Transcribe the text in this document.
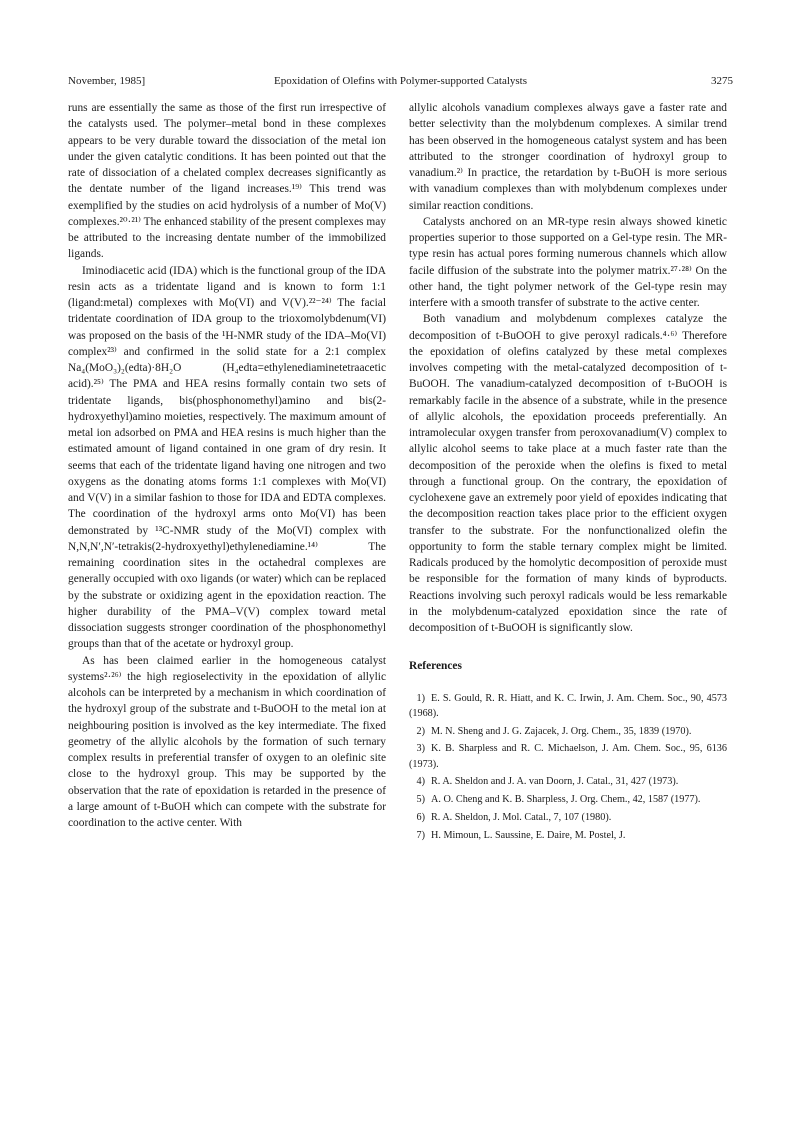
November, 1985]	Epoxidation of Olefins with Polymer-supported Catalysts	3275

runs are essentially the same as those of the first run irrespective of the catalysts used. The polymer–metal bond in these complexes appears to be very durable toward the dissociation of the metal ion under the given catalytic conditions. It has been pointed out that the rate of dissociation of a chelated complex decreases significantly as the dentate number of the ligand increases.¹⁹⁾ This trend was exemplified by the studies on acid hydrolysis of a number of Mo(V) complexes.²⁰·²¹⁾ The enhanced stability of the present complexes may be attributed to the increasing dentate number of the immobilized ligands.

Iminodiacetic acid (IDA) which is the functional group of the IDA resin acts as a tridentate ligand and is known to form 1:1 (ligand:metal) complexes with Mo(VI) and V(V).²²⁻²⁴⁾ The facial tridentate coordination of IDA group to the trioxomolybdenum(VI) was proposed on the basis of the ¹H-NMR study of the IDA–Mo(VI) complex²³⁾ and confirmed in the solid state for a 2:1 complex Na₄(MoO₃)₂(edta)·8H₂O (H₄edta=ethylenediaminetetraacetic acid).²⁵⁾ The PMA and HEA resins formally contain two sets of tridentate ligands, bis(phosphonomethyl)amino and bis(2-hydroxyethyl)amino moieties, respectively. The maximum amount of metal ion adsorbed on PMA and HEA resins is much higher than the estimated amount of ligand contained in one gram of dry resin. It seems that each of the tridentate ligand having one nitrogen and two oxygens as the donating atoms forms 1:1 complexes with Mo(VI) and V(V) in a similar fashion to those for IDA and EDTA complexes. The coordination of the hydroxyl arms onto Mo(VI) has been demonstrated by ¹³C-NMR study of the Mo(VI) complex with N,N,N′,N′-tetrakis(2-hydroxyethyl)ethylenediamine.¹⁴⁾ The remaining coordination sites in the octahedral complexes are generally occupied with oxo ligands (or water) which can be replaced by the substrate or oxidizing agent in the epoxidation reaction. The higher durability of the PMA–V(V) complex toward metal dissociation suggests stronger coordination of the phosphonomethyl groups than that of the acetate or hydroxyl group.

As has been claimed earlier in the homogeneous catalyst systems²·²⁶⁾ the high regioselectivity in the epoxidation of allylic alcohols can be interpreted by a mechanism in which coordination of the hydroxyl group of the substrate and t-BuOOH to the metal ion at neighbouring position is involved as the key intermediate. The fixed geometry of the allylic alcohols by the formation of such ternary complex results in preferential transfer of oxygen to an olefinic site close to the hydroxyl group. This may be supported by the observation that the rate of epoxidation is retarded in the presence of a large amount of t-BuOH which can compete with the substrate for coordination to the active center. With

allylic alcohols vanadium complexes always gave a faster rate and better selectivity than the molybdenum complexes. A similar trend has been observed in the homogeneous catalyst system and has been attributed to the stronger coordination of hydroxyl group to vanadium.²⁾ In practice, the retardation by t-BuOH is more serious with vanadium complexes than with molybdenum complexes under similar reaction conditions.

Catalysts anchored on an MR-type resin always showed kinetic properties superior to those supported on a Gel-type resin. The MR-type resin has actual pores forming numerous channels which allow facile diffusion of the substrate into the polymer matrix.²⁷·²⁸⁾ On the other hand, the tight polymer network of the Gel-type resin may interfere with a smooth transfer of substrate to the active center.

Both vanadium and molybdenum complexes catalyze the decomposition of t-BuOOH to give peroxyl radicals.⁴·⁶⁾ Therefore the epoxidation of olefins catalyzed by these metal complexes involves competing with the metal-catalyzed decomposition of t-BuOOH. The vanadium-catalyzed decomposition of t-BuOOH is remarkably facile in the absence of a substrate, while in the presence of allylic alcohols, the epoxidation proceeds preferentially. An intramolecular oxygen transfer from peroxovanadium(V) complex to allylic alcohol seems to take place at a much faster rate than the decomposition of the peroxide when the olefins is fixed to metal through a functional group. On the contrary, the epoxidation of cyclohexene gave an extremely poor yield of epoxides indicating that the decomposition reaction takes place prior to the efficient oxygen transfer to the substrate. For the nonfunctionalized olefin the opportunity to form the stable ternary complex might be limited. Radicals produced by the homolytic decomposition of peroxide must be responsible for the formation of many kinds of byproducts. Reactions involving such peroxyl radicals would be less remarkable in the molybdenum-catalyzed epoxidation since the rate of decomposition of t-BuOOH is significantly slow.

References
1) E. S. Gould, R. R. Hiatt, and K. C. Irwin, J. Am. Chem. Soc., 90, 4573 (1968).
2) M. N. Sheng and J. G. Zajacek, J. Org. Chem., 35, 1839 (1970).
3) K. B. Sharpless and R. C. Michaelson, J. Am. Chem. Soc., 95, 6136 (1973).
4) R. A. Sheldon and J. A. van Doorn, J. Catal., 31, 427 (1973).
5) A. O. Cheng and K. B. Sharpless, J. Org. Chem., 42, 1587 (1977).
6) R. A. Sheldon, J. Mol. Catal., 7, 107 (1980).
7) H. Mimoun, L. Saussine, E. Daire, M. Postel, J.
